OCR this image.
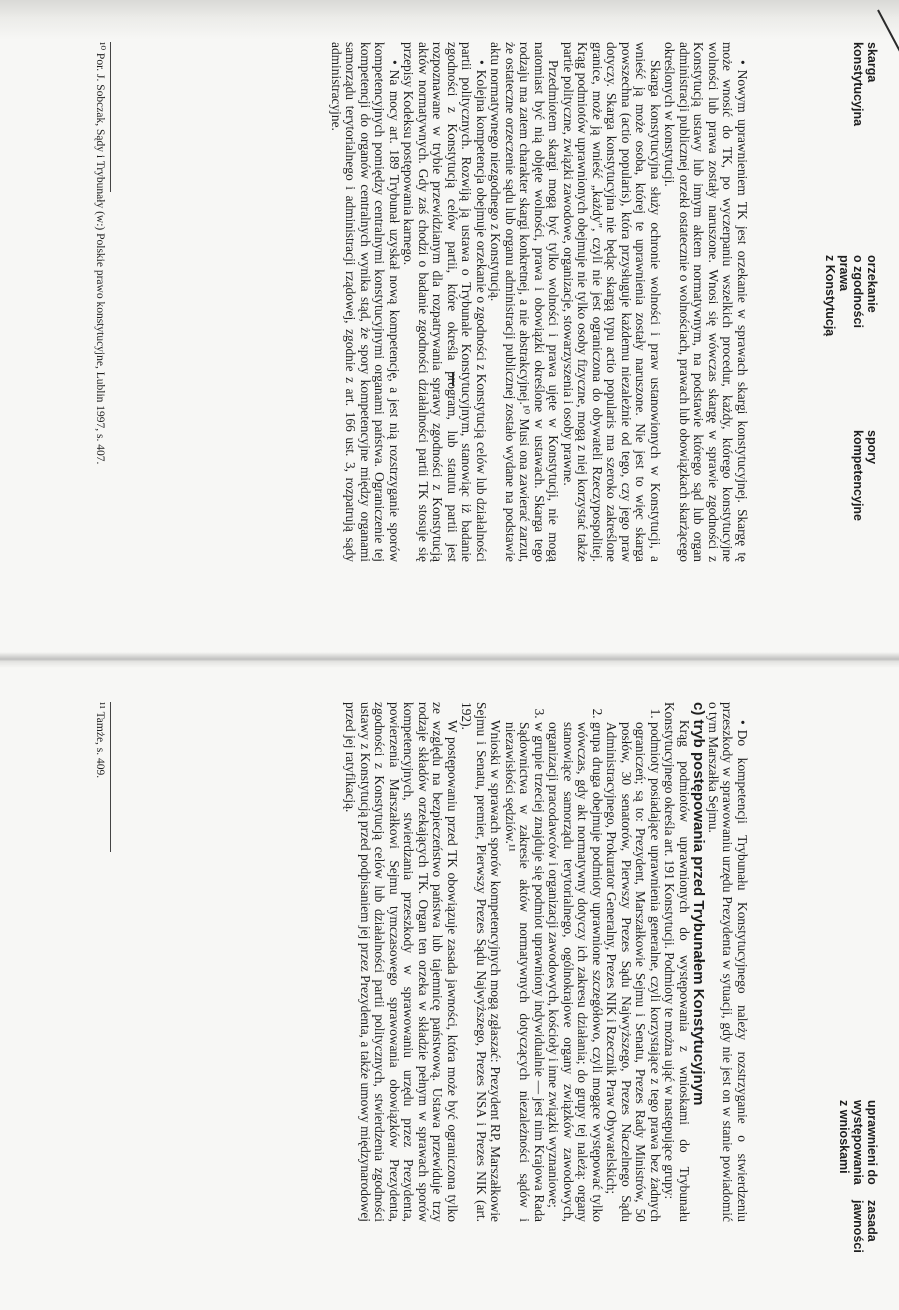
skarga
konstytucyjna
orzekanie
o zgodności
prawa
z Konstytucją
spory
kompetencyjne
uprawnieni do
występowania
z wnioskami
zasada
jawności

• Nowym uprawnieniem TK jest orzekanie w sprawach skargi konstytucyjnej. Skargę tę może wnosić do TK, po wyczerpaniu wszelkich procedur, każdy, którego konstytucyjne wolności lub prawa zostały naruszone. Wnosi się wówczas skargę w sprawie zgodności z Konstytucją ustawy lub innym aktem normatywnym, na podstawie którego sąd lub organ administracji publicznej orzekł ostatecznie o wolnościach, prawach lub obowiązkach skarżącego określonych w konstytucji.

Skarga konstytucyjna służy ochronie wolności i praw ustanowionych w Konstytucji, a wnieść ją może osoba, której te uprawnienia zostały naruszone. Nie jest to więc skarga powszechna (actio popularis), która przysługuje każdemu niezależnie od tego, czy jego praw dotyczy. Skarga konstytucyjna nie będąc skargą typu actio popularis ma szeroko zakreślone granice, może ją wnieść „każdy", czyli nie jest ograniczona do obywateli Rzeczypospolitej. Krąg podmiotów uprawnionych obejmuje nie tylko osoby fizyczne, mogą z niej korzystać także partie polityczne, związki zawodowe, organizacje, stowarzyszenia i osoby prawne.

Przedmiotem skargi mogą być tylko wolności i prawa ujęte w Konstytucji, nie mogą natomiast być nią objęte wolności, prawa i obowiązki określone w ustawach. Skarga tego rodzaju ma zatem charakter skargi konkretnej, a nie abstrakcyjnej.¹⁰ Musi ona zawierać zarzut, że ostateczne orzeczenie sądu lub organu administracji publicznej zostało wydane na podstawie aktu normatywnego niezgodnego z Konstytucją.

• Kolejna kompetencja obejmuje orzekanie o zgodności z Konstytucją celów lub działalności partii politycznych. Rozwiją ją ustawa o Trybunale Konstytucyjnym, stanowiąc iż badanie zgodności z Konstytucją celów partii, które określa program, lub statutu partii jest rozpoznawane w trybie przewidzianym dla rozpatrywania sprawy zgodności z Konstytucją aktów normatywnych. Gdy zaś chodzi o badanie zgodności działalności partii TK stosuje się przepisy Kodeksu postępowania karnego.

• Na mocy art. 189 Trybunał uzyskał nową kompetencję, a jest nią rozstrzyganie sporów kompetencyjnych pomiędzy centralnymi konstytucyjnymi organami państwa. Ograniczenie tej kompetencji do organów centralnych wynika stąd, że spory kompetencyjne między organami samorządu terytorialnego i administracji rządowej, zgodnie z art. 166 ust. 3, rozpatrują sądy administracyjne.

¹⁰ Por. J. Sobczak, Sądy i Trybunały (w:) Polskie prawo konstytucyjne, Lublin 1997, s. 407.

• Do kompetencji Trybunału Konstytucyjnego należy rozstrzyganie o stwierdzeniu przeszkody w sprawowaniu urzędu Prezydenta w sytuacji, gdy nie jest on w stanie powiadomić o tym Marszałka Sejmu.

c) tryb postępowania przed Trybunałem Konstytucyjnym

Krąg podmiotów uprawnionych do występowania z wnioskami do Trybunału Konstytucyjnego określa art. 191 Konstytucji. Podmioty te można ująć w następujące grupy:

1. podmioty posiadające uprawnienia generalne, czyli korzystające z tego prawa bez żadnych ograniczeń; są to: Prezydent, Marszałkowie Sejmu i Senatu, Prezes Rady Ministrów, 50 posłów, 30 senatorów, Pierwszy Prezes Sądu Najwyższego, Prezes Naczelnego Sądu Administracyjnego, Prokurator Generalny, Prezes NIK i Rzecznik Praw Obywatelskich;
2. grupa druga obejmuje podmioty uprawnione szczegółowo, czyli mogące występować tylko wówczas, gdy akt normatywny dotyczy ich zakresu działania; do grupy tej należą: organy stanowiące samorządu terytorialnego, ogólnokrajowe organy związków zawodowych, organizacji pracodawców i organizacji zawodowych, kościoły i inne związki wyznaniowe;
3. w grupie trzeciej znajduje się podmiot uprawniony indywidualnie — jest nim Krajowa Rada Sądownictwa w zakresie aktów normatywnych dotyczących niezależności sądów i niezawisłości sędziów.¹¹

Wnioski w sprawach sporów kompetencyjnych mogą zgłaszać: Prezydent RP, Marszałkowie Sejmu i Senatu, premier, Pierwszy Prezes Sądu Najwyższego, Prezes NSA i Prezes NIK (art. 192).

W postępowaniu przed TK obowiązuje zasada jawności, która może być ograniczona tylko ze względu na bezpieczeństwo państwa lub tajemnicę państwową. Ustawa przewiduje trzy rodzaje składów orzekających TK. Organ ten orzeka w składzie pełnym w sprawach sporów kompetencyjnych, stwierdzania przeszkody w sprawowaniu urzędu przez Prezydenta, powierzenia Marszałkowi Sejmu tymczasowego sprawowania obowiązków Prezydenta, zgodności z Konstytucją celów lub działalności partii politycznych, stwierdzenia zgodności ustawy z Konstytucją przed podpisaniem jej przez Prezydenta, a także umowy międzynarodowej przed jej ratyfikacją.

¹¹ Tamże, s. 409.
